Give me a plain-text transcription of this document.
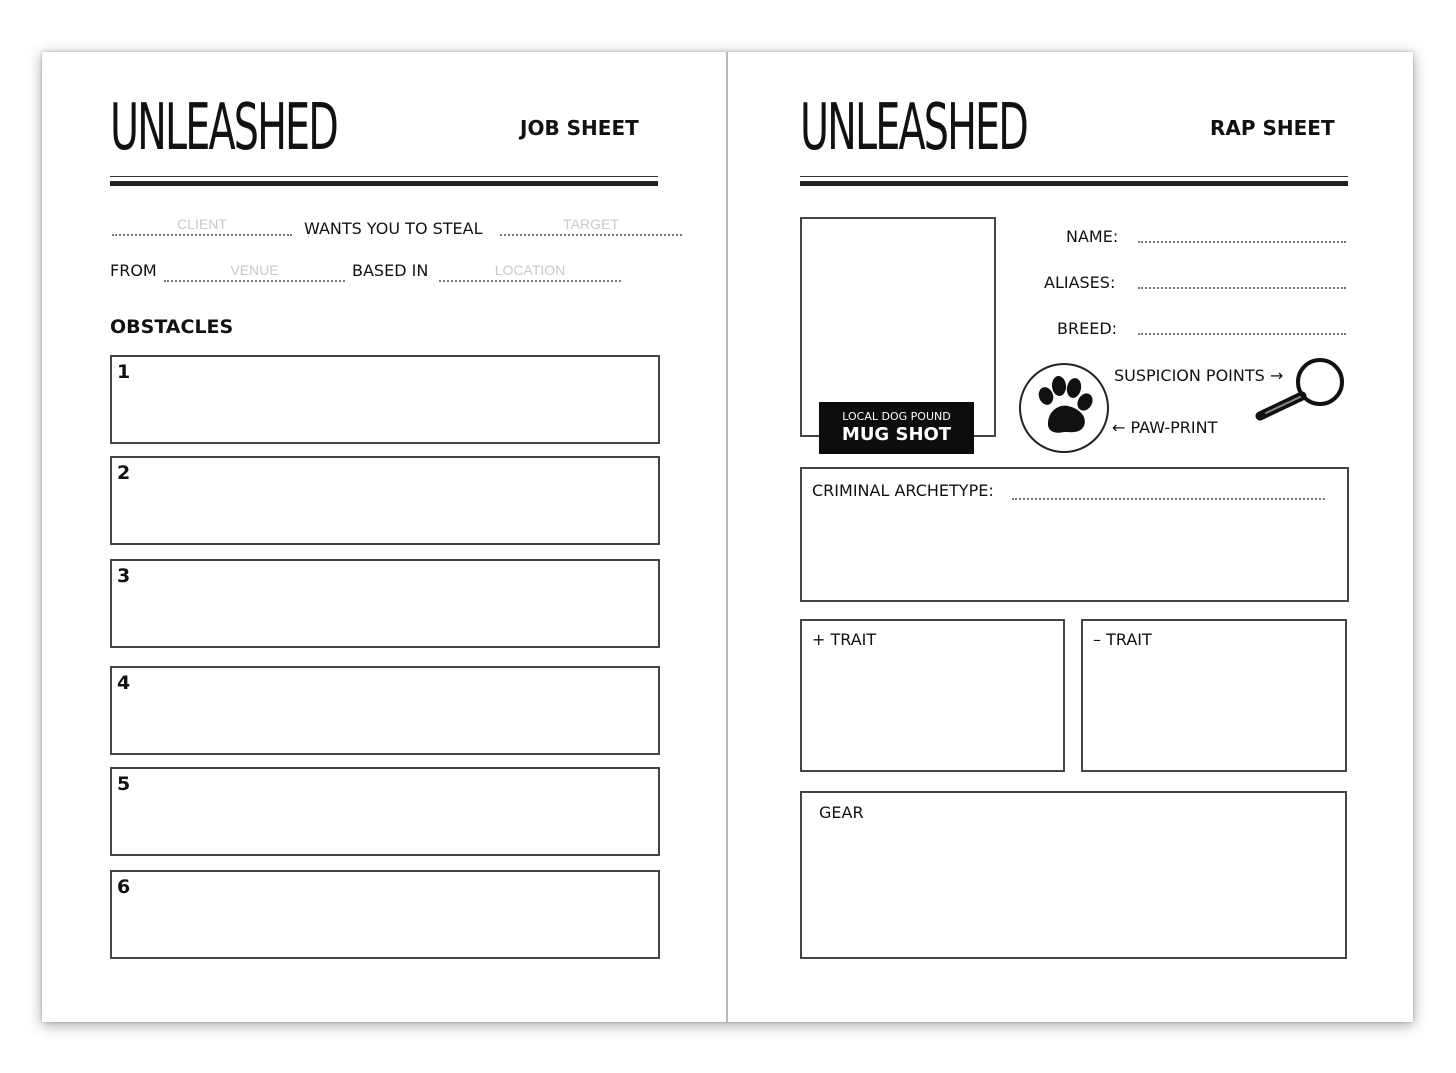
UNLEASHED	JOB SHEET
CLIENT	WANTS YOU TO STEAL	TARGET
FROM	VENUE	BASED IN	LOCATION
OBSTACLES
1
2
3
4
5
6
UNLEASHED	RAP SHEET
LOCAL DOG POUND
MUG SHOT
NAME:
ALIASES:
BREED:
SUSPICION POINTS →
← PAW-PRINT
CRIMINAL ARCHETYPE:
+ TRAIT	– TRAIT
GEAR
